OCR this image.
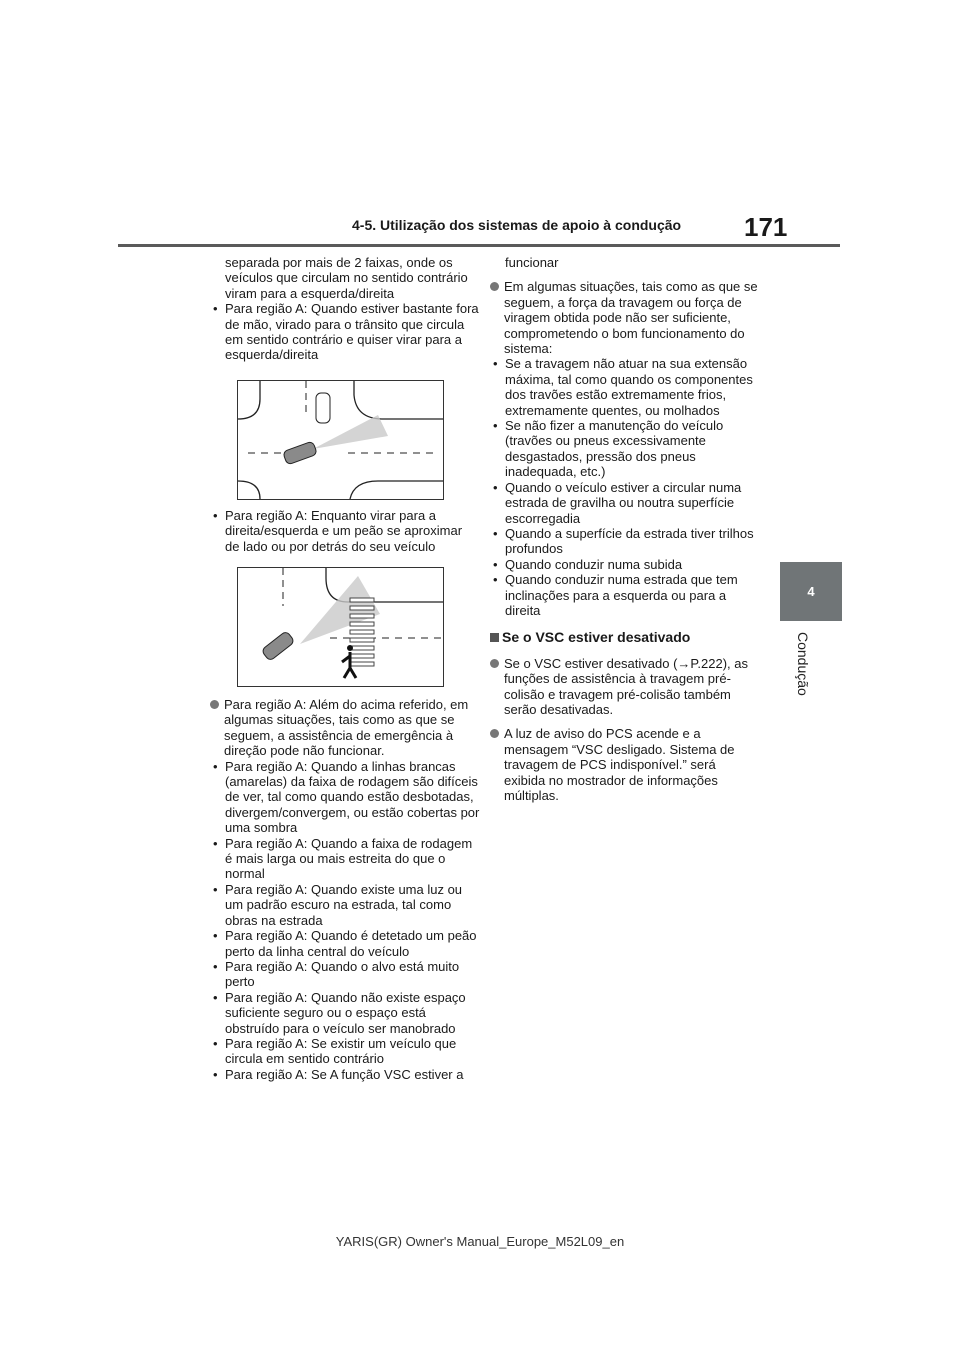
4-5. Utilização dos sistemas de apoio à condução 171
4
Condução

separada por mais de 2 faixas, onde os veículos que circulam no sentido contrário viram para a esquerda/direita

• Para região A: Quando estiver bastante fora de mão, virado para o trânsito que circula em sentido contrário e quiser virar para a esquerda/direita

• Para região A: Enquanto virar para a direita/esquerda e um peão se aproximar de lado ou por detrás do seu veículo

Para região A: Além do acima referido, em algumas situações, tais como as que se seguem, a assistência de emergência à direção pode não funcionar.

• Para região A: Quando a linhas brancas (amarelas) da faixa de rodagem são difíceis de ver, tal como quando estão desbotadas, divergem/convergem, ou estão cobertas por uma sombra

• Para região A: Quando a faixa de rodagem é mais larga ou mais estreita do que o normal

• Para região A: Quando existe uma luz ou um padrão escuro na estrada, tal como obras na estrada

• Para região A: Quando é detetado um peão perto da linha central do veículo

• Para região A: Quando o alvo está muito perto

• Para região A: Quando não existe espaço suficiente seguro ou o espaço está obstruído para o veículo ser manobrado

• Para região A: Se existir um veículo que circula em sentido contrário

• Para região A: Se A função VSC estiver a

funcionar

Em algumas situações, tais como as que se seguem, a força da travagem ou força de viragem obtida pode não ser suficiente, comprometendo o bom funcionamento do sistema:

• Se a travagem não atuar na sua extensão máxima, tal como quando os componentes dos travões estão extremamente frios, extremamente quentes, ou molhados

• Se não fizer a manutenção do veículo (travões ou pneus excessivamente desgastados, pressão dos pneus inadequada, etc.)

• Quando o veículo estiver a circular numa estrada de gravilha ou noutra superfície escorregadia

• Quando a superfície da estrada tiver trilhos profundos

• Quando conduzir numa subida

• Quando conduzir numa estrada que tem inclinações para a esquerda ou para a direita

Se o VSC estiver desativado

Se o VSC estiver desativado (→P.222), as funções de assistência à travagem pré-colisão e travagem pré-colisão também serão desativadas.

A luz de aviso do PCS acende e a mensagem “VSC desligado. Sistema de travagem de PCS indisponível.” será exibida no mostrador de informações múltiplas.

YARIS(GR) Owner's Manual_Europe_M52L09_en
